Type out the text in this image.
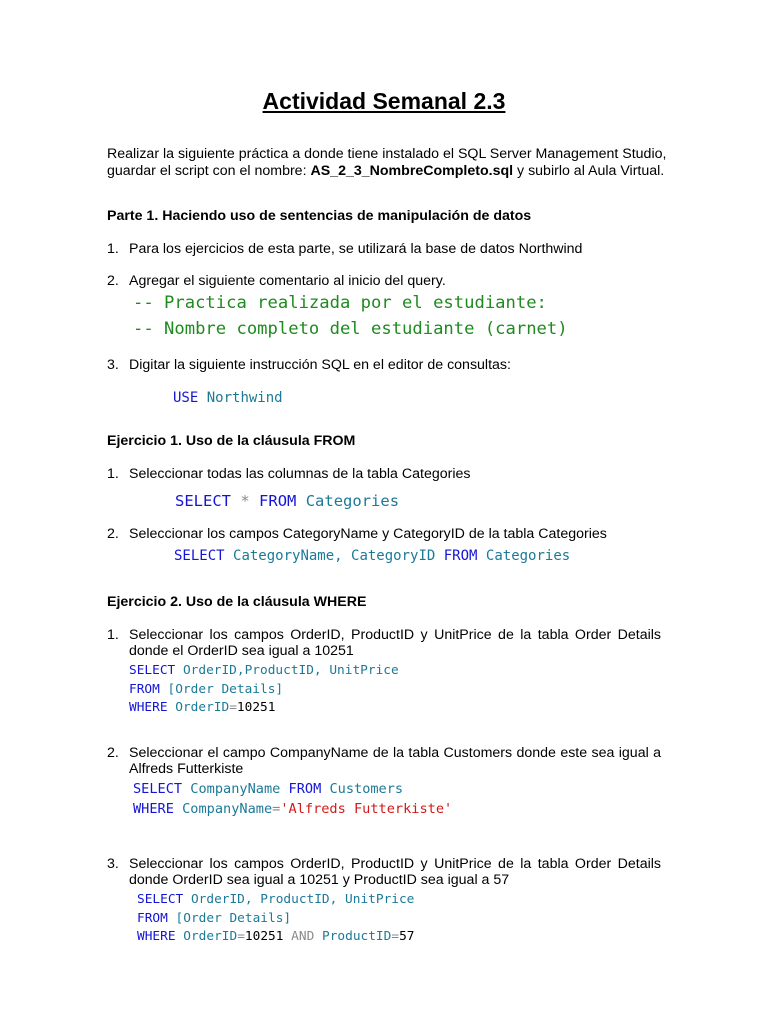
Actividad Semanal 2.3
Realizar la siguiente práctica a donde tiene instalado el SQL Server Management Studio,
guardar el script con el nombre: AS_2_3_NombreCompleto.sql y subirlo al Aula Virtual.
Parte 1. Haciendo uso de sentencias de manipulación de datos
1. Para los ejercicios de esta parte, se utilizará la base de datos Northwind
2. Agregar el siguiente comentario al inicio del query.
-- Practica realizada por el estudiante:
-- Nombre completo del estudiante (carnet)
3. Digitar la siguiente instrucción SQL en el editor de consultas:
USE Northwind
Ejercicio 1. Uso de la cláusula FROM
1. Seleccionar todas las columnas de la tabla Categories
SELECT * FROM Categories
2. Seleccionar los campos CategoryName y CategoryID de la tabla Categories
SELECT CategoryName, CategoryID FROM Categories
Ejercicio 2. Uso de la cláusula WHERE
1. Seleccionar los campos OrderID, ProductID y UnitPrice de la tabla Order Details
donde el OrderID sea igual a 10251
SELECT OrderID,ProductID, UnitPrice
FROM [Order Details]
WHERE OrderID=10251
2. Seleccionar el campo CompanyName de la tabla Customers donde este sea igual a
Alfreds Futterkiste
SELECT CompanyName FROM Customers
WHERE CompanyName='Alfreds Futterkiste'
3. Seleccionar los campos OrderID, ProductID y UnitPrice de la tabla Order Details
donde OrderID sea igual a 10251 y ProductID sea igual a 57
SELECT OrderID, ProductID, UnitPrice
FROM [Order Details]
WHERE OrderID=10251 AND ProductID=57
